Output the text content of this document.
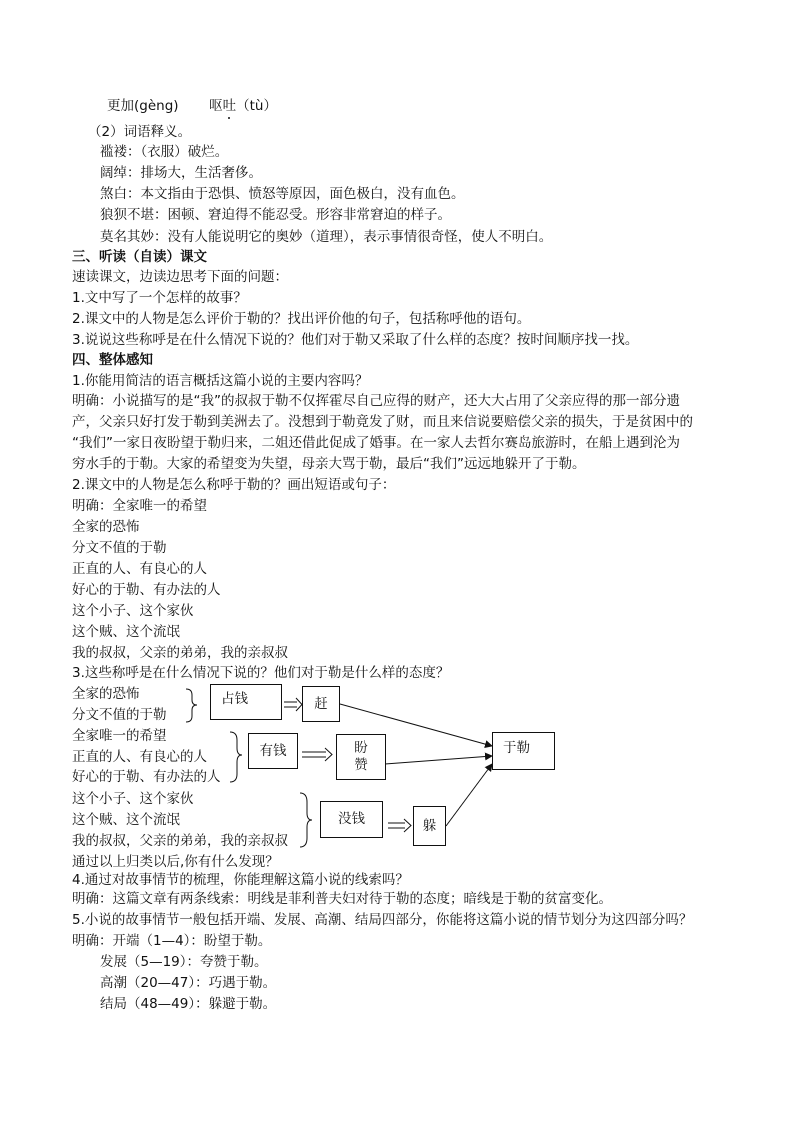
更加(gèng) 呕吐（tù）
（2）词语释义。
褴褛：（衣服）破烂。
阔绰：排场大，生活奢侈。
煞白：本文指由于恐惧、愤怒等原因，面色极白，没有血色。
狼狈不堪：困顿、窘迫得不能忍受。形容非常窘迫的样子。
莫名其妙：没有人能说明它的奥妙（道理），表示事情很奇怪，使人不明白。
三、听读（自读）课文
速读课文，边读边思考下面的问题：
1.文中写了一个怎样的故事？
2.课文中的人物是怎么评价于勒的？找出评价他的句子，包括称呼他的语句。
3.说说这些称呼是在什么情况下说的？他们对于勒又采取了什么样的态度？按时间顺序找一找。
四、整体感知
1.你能用简洁的语言概括这篇小说的主要内容吗？
明确：小说描写的是“我”的叔叔于勒不仅挥霍尽自己应得的财产，还大大占用了父亲应得的那一部分遗
产，父亲只好打发于勒到美洲去了。没想到于勒竟发了财，而且来信说要赔偿父亲的损失，于是贫困中的
“我们”一家日夜盼望于勒归来，二姐还借此促成了婚事。在一家人去哲尔赛岛旅游时，在船上遇到沦为
穷水手的于勒。大家的希望变为失望，母亲大骂于勒，最后“我们”远远地躲开了于勒。
2.课文中的人物是怎么称呼于勒的？画出短语或句子：
明确：全家唯一的希望
全家的恐怖
分文不值的于勒
正直的人、有良心的人
好心的于勒、有办法的人
这个小子、这个家伙
这个贼、这个流氓
我的叔叔，父亲的弟弟，我的亲叔叔
3.这些称呼是在什么情况下说的？他们对于勒是什么样的态度？
全家的恐怖
分文不值的于勒
全家唯一的希望
正直的人、有良心的人
好心的于勒、有办法的人
这个小子、这个家伙
这个贼、这个流氓
我的叔叔，父亲的弟弟，我的亲叔叔
占钱	赶
有钱	盼
赞
没钱	躲
于勒
通过以上归类以后,你有什么发现？
4.通过对故事情节的梳理，你能理解这篇小说的线索吗？
明确：这篇文章有两条线索：明线是菲利普夫妇对待于勒的态度；暗线是于勒的贫富变化。
5.小说的故事情节一般包括开端、发展、高潮、结局四部分，你能将这篇小说的情节划分为这四部分吗？
明确：开端（1—4）：盼望于勒。
发展（5—19）：夸赞于勒。
高潮（20—47）：巧遇于勒。
结局（48—49）：躲避于勒。
